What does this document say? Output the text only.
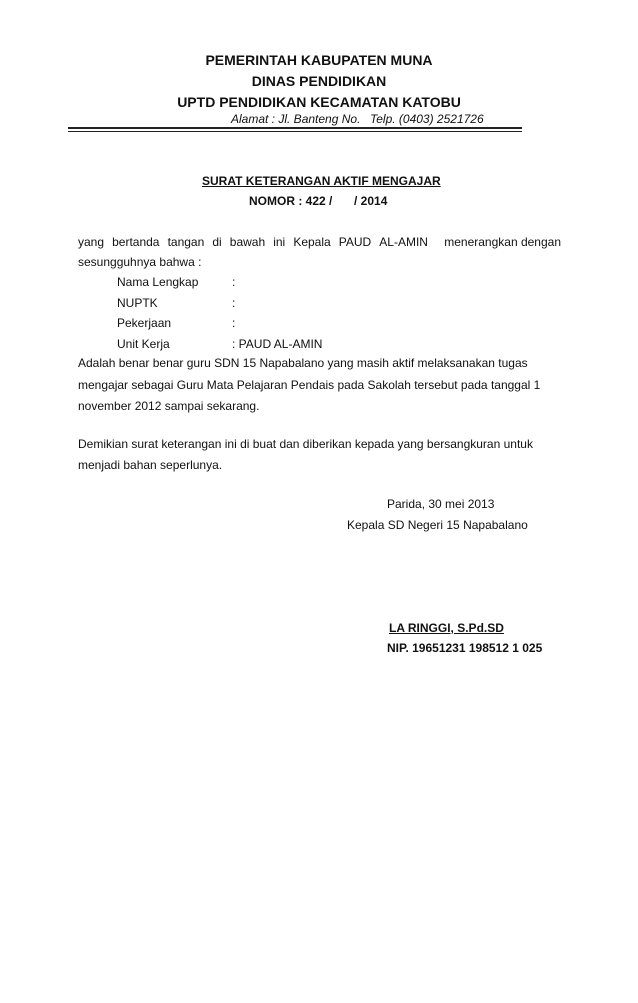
PEMERINTAH KABUPATEN MUNA
DINAS PENDIDIKAN
UPTD PENDIDIKAN KECAMATAN KATOBU
Alamat : Jl. Banteng No. Telp. (0403) 2521726
SURAT KETERANGAN AKTIF MENGAJAR
NOMOR : 422 / / 2014
yang bertanda tangan di bawah ini Kepala PAUD AL-AMIN menerangkan dengan
sesungguhnya bahwa :
Nama Lengkap	:
NUPTK	:
Pekerjaan	:
Unit Kerja	: PAUD AL-AMIN
Adalah benar benar guru SDN 15 Napabalano yang masih aktif melaksanakan tugas
mengajar sebagai Guru Mata Pelajaran Pendais pada Sakolah tersebut pada tanggal 1
november 2012 sampai sekarang.
Demikian surat keterangan ini di buat dan diberikan kepada yang bersangkuran untuk
menjadi bahan seperlunya.
Parida, 30 mei 2013
Kepala SD Negeri 15 Napabalano
LA RINGGI, S.Pd.SD
NIP. 19651231 198512 1 025
